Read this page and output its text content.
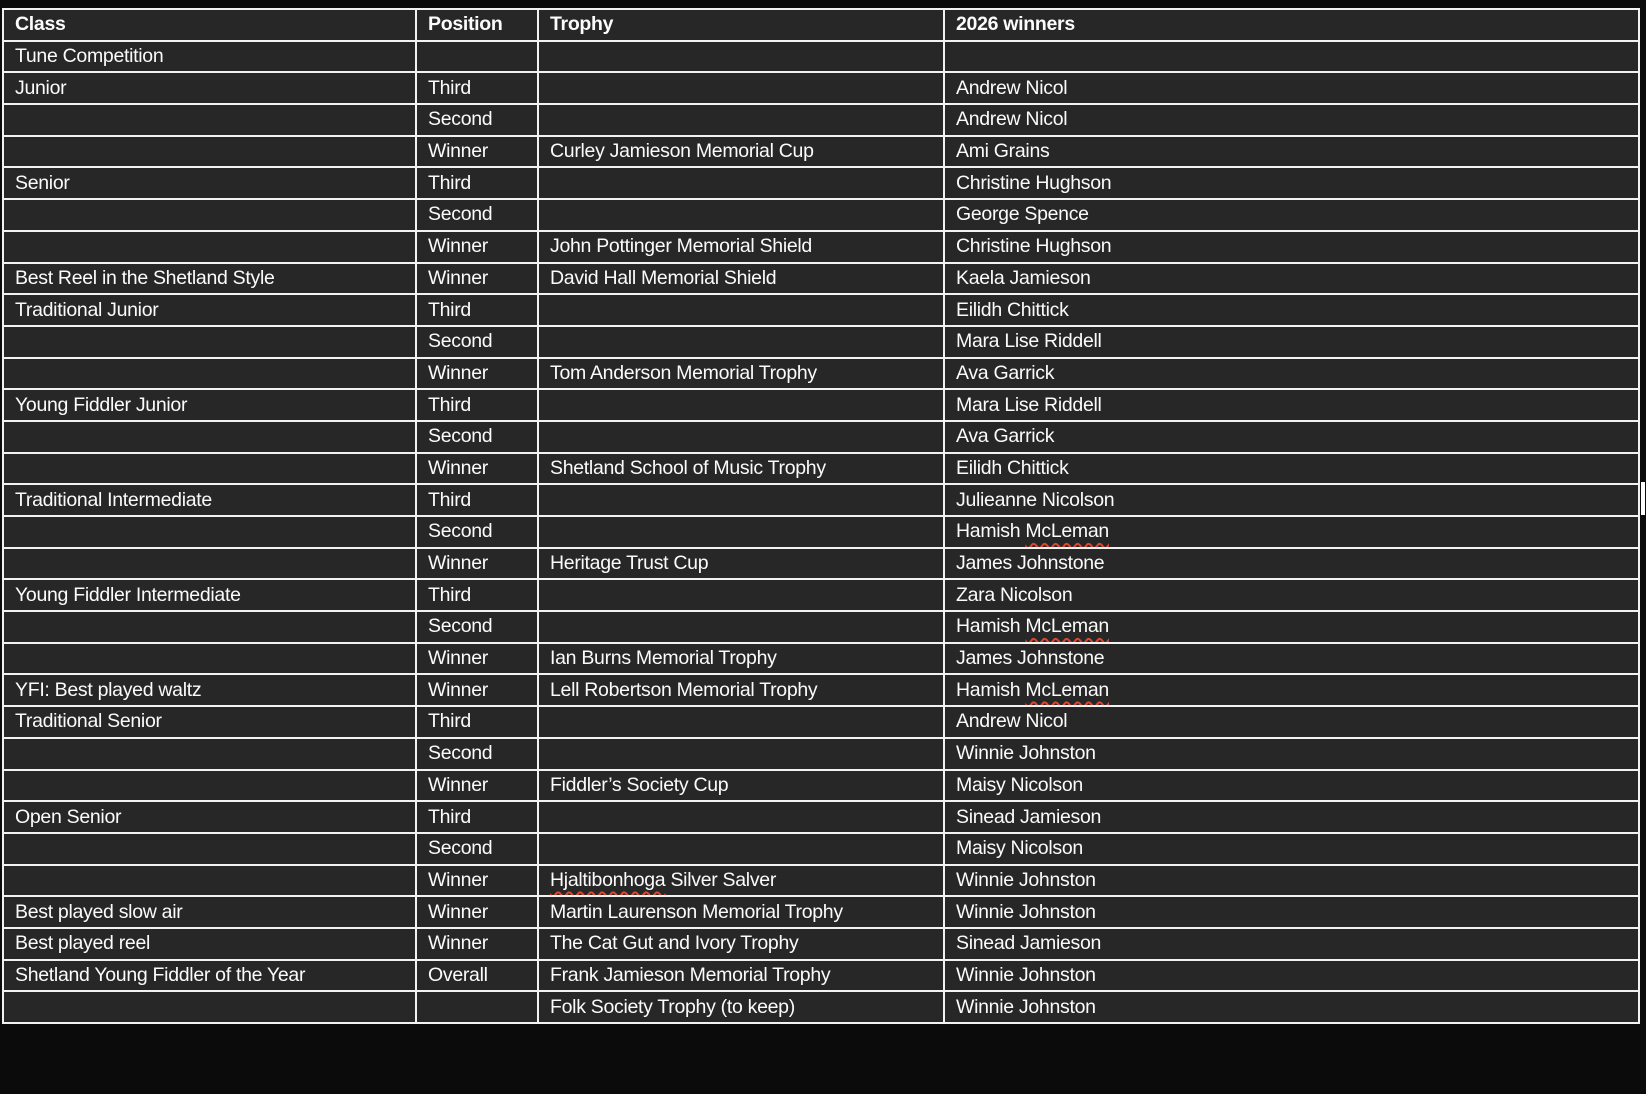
Class	Position	Trophy	2026 winners
Tune Competition			
Junior	Third		Andrew Nicol
	Second		Andrew Nicol
	Winner	Curley Jamieson Memorial Cup	Ami Grains
Senior	Third		Christine Hughson
	Second		George Spence
	Winner	John Pottinger Memorial Shield	Christine Hughson
Best Reel in the Shetland Style	Winner	David Hall Memorial Shield	Kaela Jamieson
Traditional Junior	Third		Eilidh Chittick
	Second		Mara Lise Riddell
	Winner	Tom Anderson Memorial Trophy	Ava Garrick
Young Fiddler Junior	Third		Mara Lise Riddell
	Second		Ava Garrick
	Winner	Shetland School of Music Trophy	Eilidh Chittick
Traditional Intermediate	Third		Julieanne Nicolson
	Second		Hamish McLeman
	Winner	Heritage Trust Cup	James Johnstone
Young Fiddler Intermediate	Third		Zara Nicolson
	Second		Hamish McLeman
	Winner	Ian Burns Memorial Trophy	James Johnstone
YFI: Best played waltz	Winner	Lell Robertson Memorial Trophy	Hamish McLeman
Traditional Senior	Third		Andrew Nicol
	Second		Winnie Johnston
	Winner	Fiddler’s Society Cup	Maisy Nicolson
Open Senior	Third		Sinead Jamieson
	Second		Maisy Nicolson
	Winner	Hjaltibonhoga Silver Salver	Winnie Johnston
Best played slow air	Winner	Martin Laurenson Memorial Trophy	Winnie Johnston
Best played reel	Winner	The Cat Gut and Ivory Trophy	Sinead Jamieson
Shetland Young Fiddler of the Year	Overall	Frank Jamieson Memorial Trophy	Winnie Johnston
		Folk Society Trophy (to keep)	Winnie Johnston
